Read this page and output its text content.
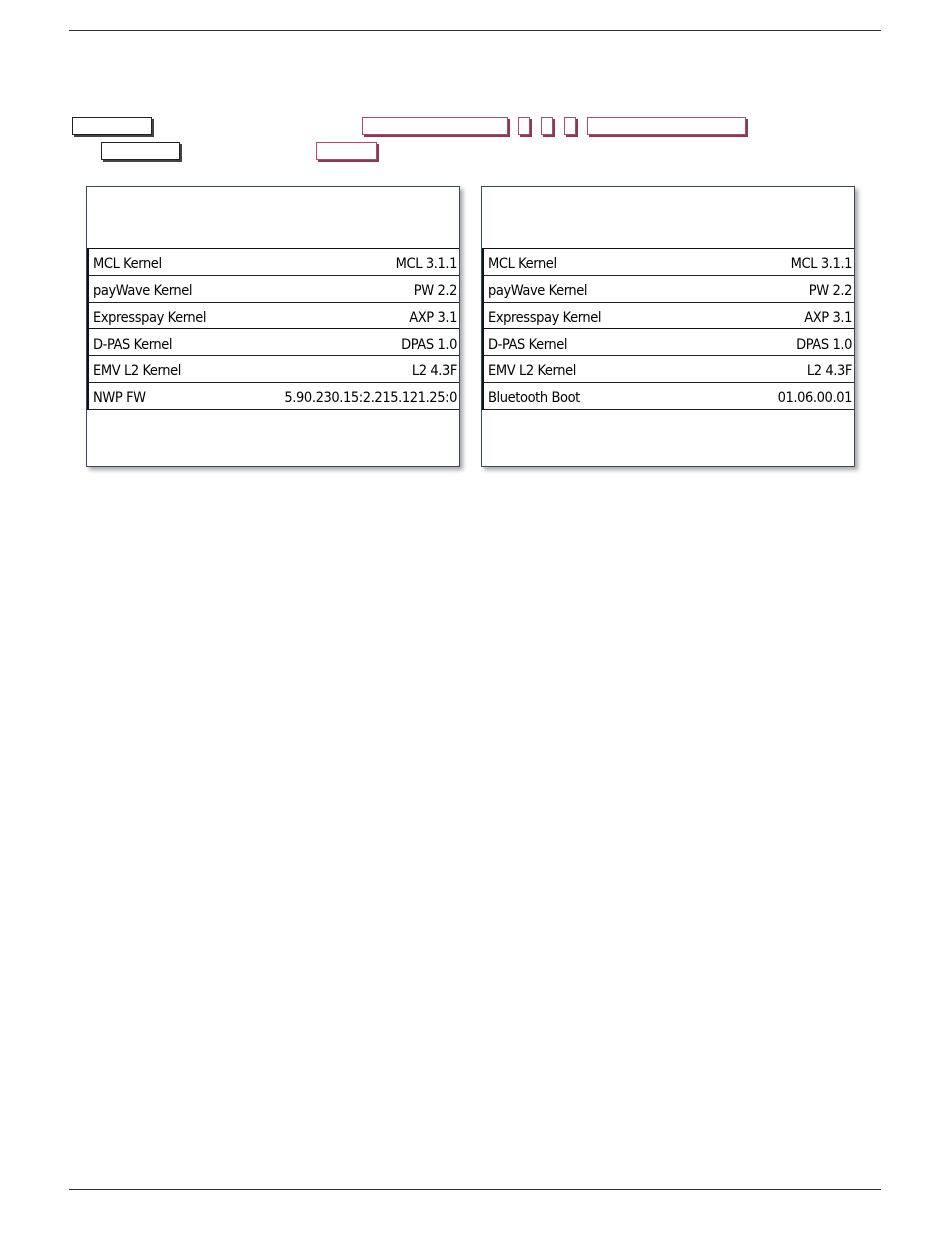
MCL Kernel	MCL 3.1.1
payWave Kernel	PW 2.2
Expresspay Kernel	AXP 3.1
D-PAS Kernel	DPAS 1.0
EMV L2 Kernel	L2 4.3F
NWP FW	5.90.230.15:2.215.121.25:0
MCL Kernel	MCL 3.1.1
payWave Kernel	PW 2.2
Expresspay Kernel	AXP 3.1
D-PAS Kernel	DPAS 1.0
EMV L2 Kernel	L2 4.3F
Bluetooth Boot	01.06.00.01
